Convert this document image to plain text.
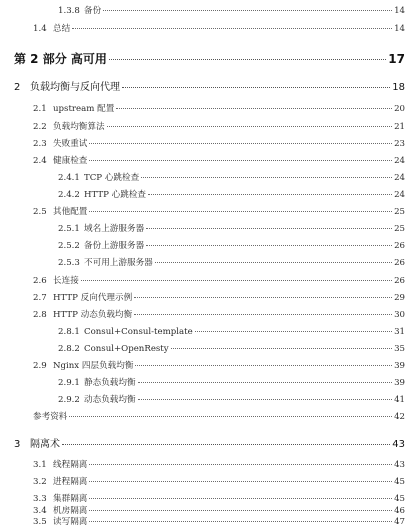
1.3.8 备份	14
1.4 总结	14
第 2 部分 高可用	17
2 负载均衡与反向代理	18
2.1 upstream 配置	20
2.2 负载均衡算法	21
2.3 失败重试	23
2.4 健康检查	24
2.4.1 TCP 心跳检查	24
2.4.2 HTTP 心跳检查	24
2.5 其他配置	25
2.5.1 域名上游服务器	25
2.5.2 备份上游服务器	26
2.5.3 不可用上游服务器	26
2.6 长连接	26
2.7 HTTP 反向代理示例	29
2.8 HTTP 动态负载均衡	30
2.8.1 Consul+Consul-template	31
2.8.2 Consul+OpenResty	35
2.9 Nginx 四层负载均衡	39
2.9.1 静态负载均衡	39
2.9.2 动态负载均衡	41
参考资料	42
3 隔离术	43
3.1 线程隔离	43
3.2 进程隔离	45
3.3 集群隔离	45
3.4 机房隔离	46
3.5 读写隔离	47
